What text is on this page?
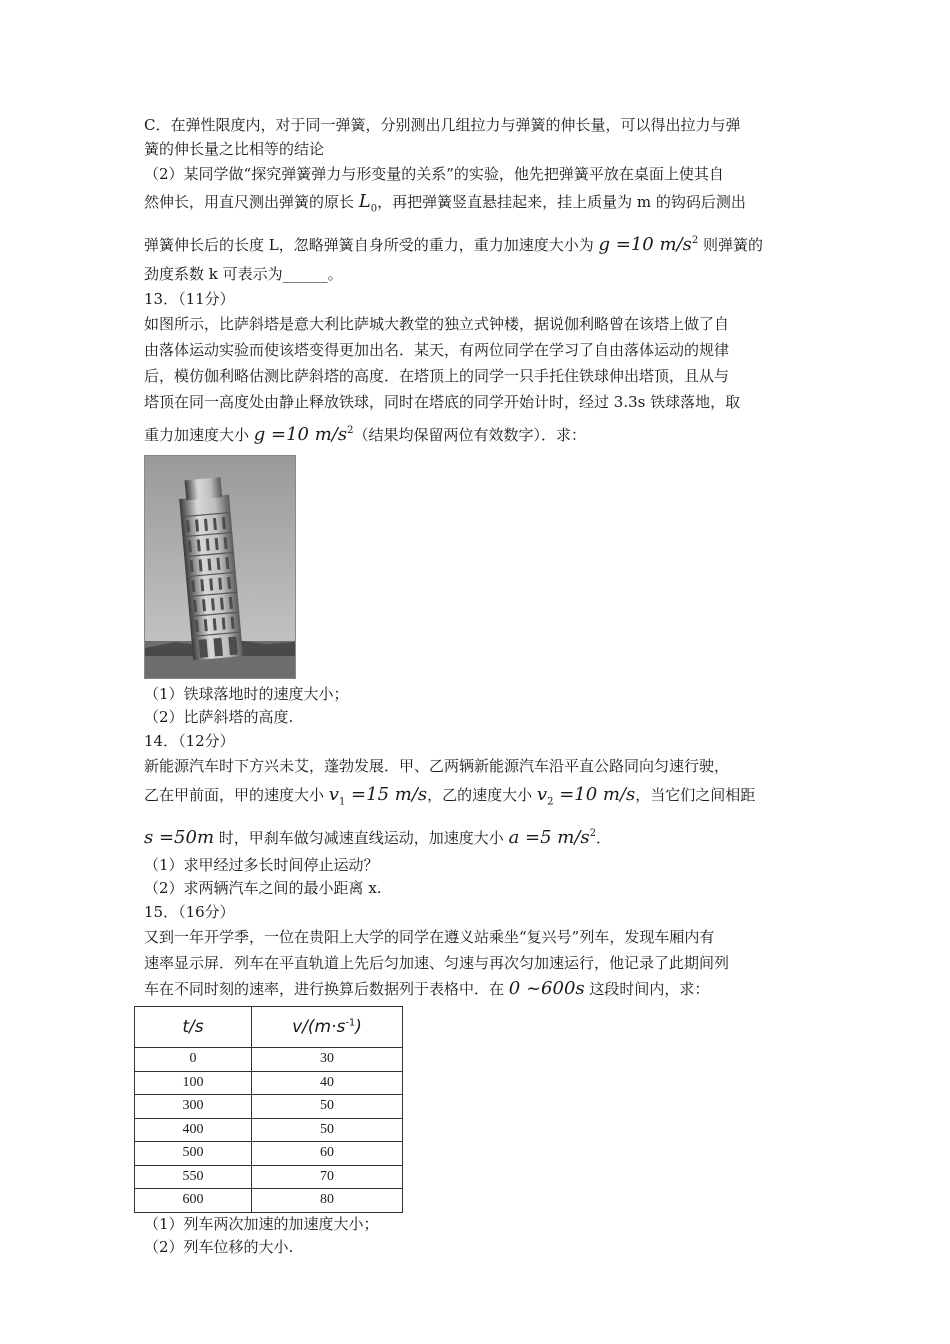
C．在弹性限度内，对于同一弹簧，分别测出几组拉力与弹簧的伸长量，可以得出拉力与弹

簧的伸长量之比相等的结论

（2）某同学做“探究弹簧弹力与形变量的关系”的实验，他先把弹簧平放在桌面上使其自

然伸长，用直尺测出弹簧的原长 $L_0$，再把弹簧竖直悬挂起来，挂上质量为 m 的钩码后测出

弹簧伸长后的长度 L，忽略弹簧自身所受的重力，重力加速度大小为 g =10 $m/s^2$ 则弹簧的

劲度系数 k 可表示为______。

13．（11分）

如图所示，比萨斜塔是意大利比萨城大教堂的独立式钟楼，据说伽利略曾在该塔上做了自

由落体运动实验而使该塔变得更加出名．某天，有两位同学在学习了自由落体运动的规律

后，模仿伽利略估测比萨斜塔的高度．在塔顶上的同学一只手托住铁球伸出塔顶，且从与

塔顶在同一高度处由静止释放铁球，同时在塔底的同学开始计时，经过 3.3s 铁球落地，取

重力加速度大小 g =10 $m/s^2$（结果均保留两位有效数字）．求：

（1）铁球落地时的速度大小；

（2）比萨斜塔的高度.

14．（12分）

新能源汽车时下方兴未艾，蓬勃发展．甲、乙两辆新能源汽车沿平直公路同向匀速行驶，

乙在甲前面，甲的速度大小 $v_1 =15$ m/s，乙的速度大小 $v_2 =10$ m/s，当它们之间相距

s =50m 时，甲刹车做匀减速直线运动，加速度大小 a =5 $m/s^2$．

（1）求甲经过多长时间停止运动？

（2）求两辆汽车之间的最小距离 x.

15．（16分）

又到一年开学季，一位在贵阳上大学的同学在遵义站乘坐“复兴号”列车，发现车厢内有

速率显示屏．列车在平直轨道上先后匀加速、匀速与再次匀加速运行，他记录了此期间列

车在不同时刻的速率，进行换算后数据列于表格中．在 0 ~600s 这段时间内，求：

t/s	$v/(m\cdot s^{-1})$
0	30
100	40
300	50
400	50
500	60
550	70
600	80

（1）列车两次加速的加速度大小；

（2）列车位移的大小.
